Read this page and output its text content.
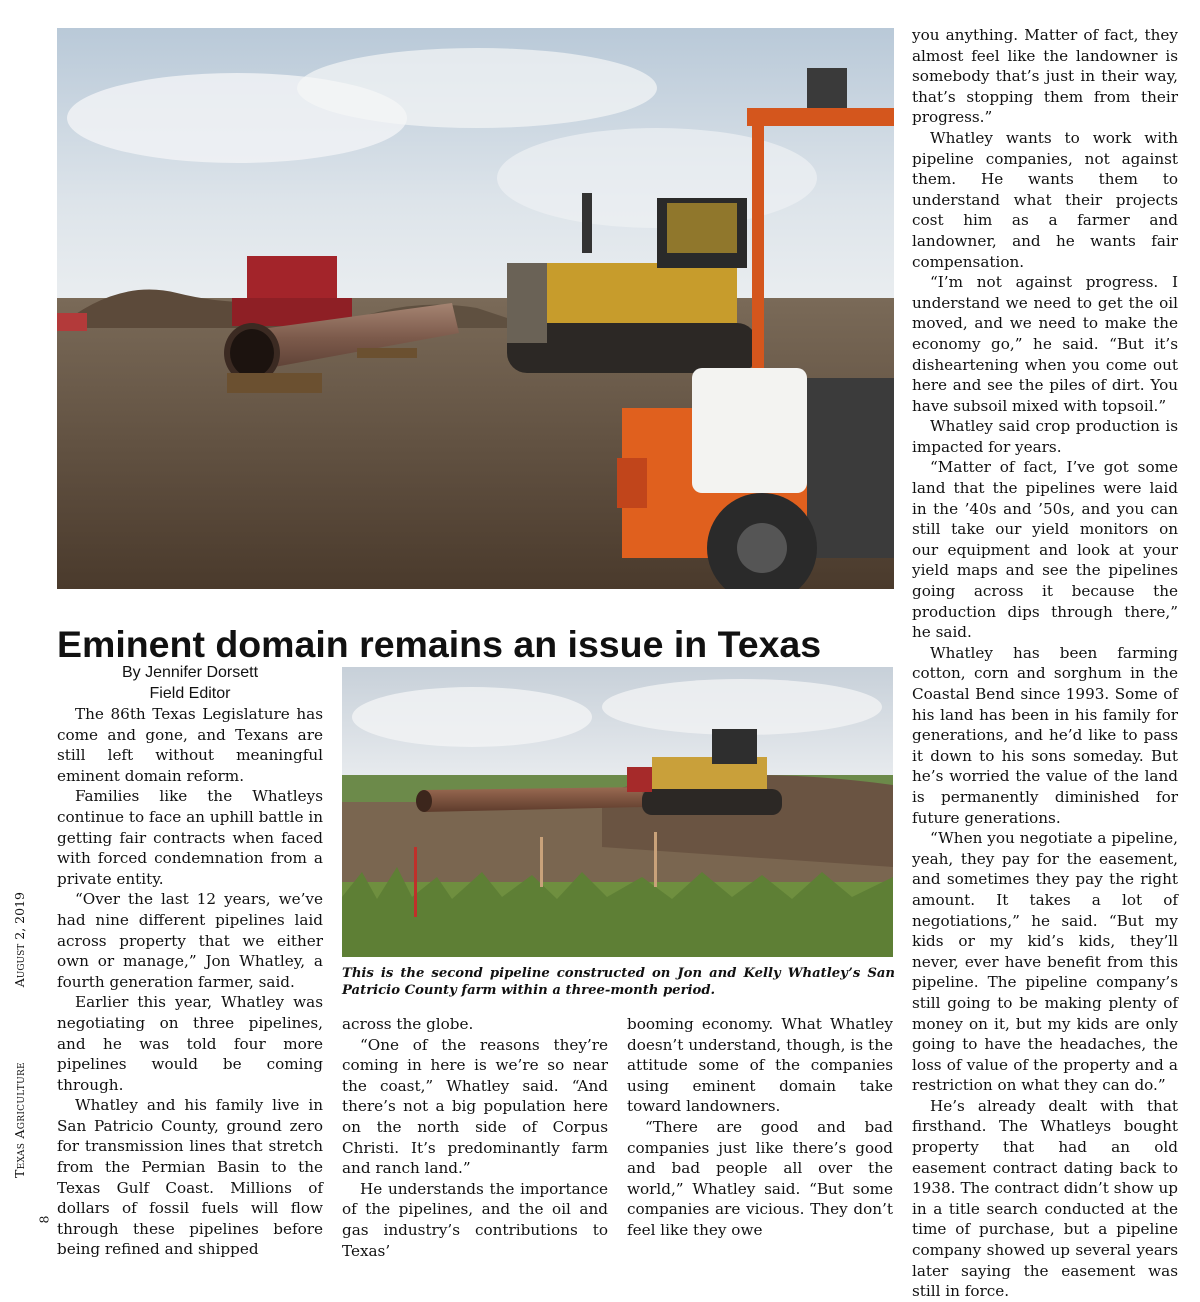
Eminent domain remains an issue in Texas
By Jennifer Dorsett
Field Editor
This is the second pipeline constructed on Jon and Kelly Whatley’s San Patricio County farm within a three-month period.

The 86th Texas Legislature has come and gone, and Texans are still left without meaningful eminent domain reform.

Families like the Whatleys continue to face an uphill battle in getting fair contracts when faced with forced condemnation from a private entity.

“Over the last 12 years, we’ve had nine different pipelines laid across property that we either own or manage,” Jon Whatley, a fourth generation farmer, said.

Earlier this year, Whatley was negotiating on three pipelines, and he was told four more pipelines would be coming through.

Whatley and his family live in San Patricio County, ground zero for transmission lines that stretch from the Permian Basin to the Texas Gulf Coast. Millions of dollars of fossil fuels will flow through these pipelines before being refined and shipped

across the globe.

“One of the reasons they’re coming in here is we’re so near the coast,” Whatley said. “And there’s not a big population here on the north side of Corpus Christi. It’s predominantly farm and ranch land.”

He understands the importance of the pipelines, and the oil and gas industry’s contributions to Texas’

booming economy. What Whatley doesn’t understand, though, is the attitude some of the companies using eminent domain take toward landowners.

“There are good and bad companies just like there’s good and bad people all over the world,” Whatley said. “But some companies are vicious. They don’t feel like they owe

you anything. Matter of fact, they almost feel like the landowner is somebody that’s just in their way, that’s stopping them from their progress.”

Whatley wants to work with pipeline companies, not against them. He wants them to understand what their projects cost him as a farmer and landowner, and he wants fair compensation.

“I’m not against progress. I understand we need to get the oil moved, and we need to make the economy go,” he said. “But it’s disheartening when you come out here and see the piles of dirt. You have subsoil mixed with topsoil.”

Whatley said crop production is impacted for years.

“Matter of fact, I’ve got some land that the pipelines were laid in the ’40s and ’50s, and you can still take our yield monitors on our equipment and look at your yield maps and see the pipelines going across it because the production dips through there,” he said.

Whatley has been farming cotton, corn and sorghum in the Coastal Bend since 1993. Some of his land has been in his family for generations, and he’d like to pass it down to his sons someday. But he’s worried the value of the land is permanently diminished for future generations.

“When you negotiate a pipeline, yeah, they pay for the easement, and sometimes they pay the right amount. It takes a lot of negotiations,” he said. “But my kids or my kid’s kids, they’ll never, ever have benefit from this pipeline. The pipeline company’s still going to be making plenty of money on it, but my kids are only going to have the headaches, the loss of value of the property and a restriction on what they can do.”

He’s already dealt with that firsthand. The Whatleys bought property that had an old easement contract dating back to 1938. The contract didn’t show up in a title search conducted at the time of purchase, but a pipeline company showed up several years later saying the easement was still in force.

Texas Agriculture
August 2, 2019
8
